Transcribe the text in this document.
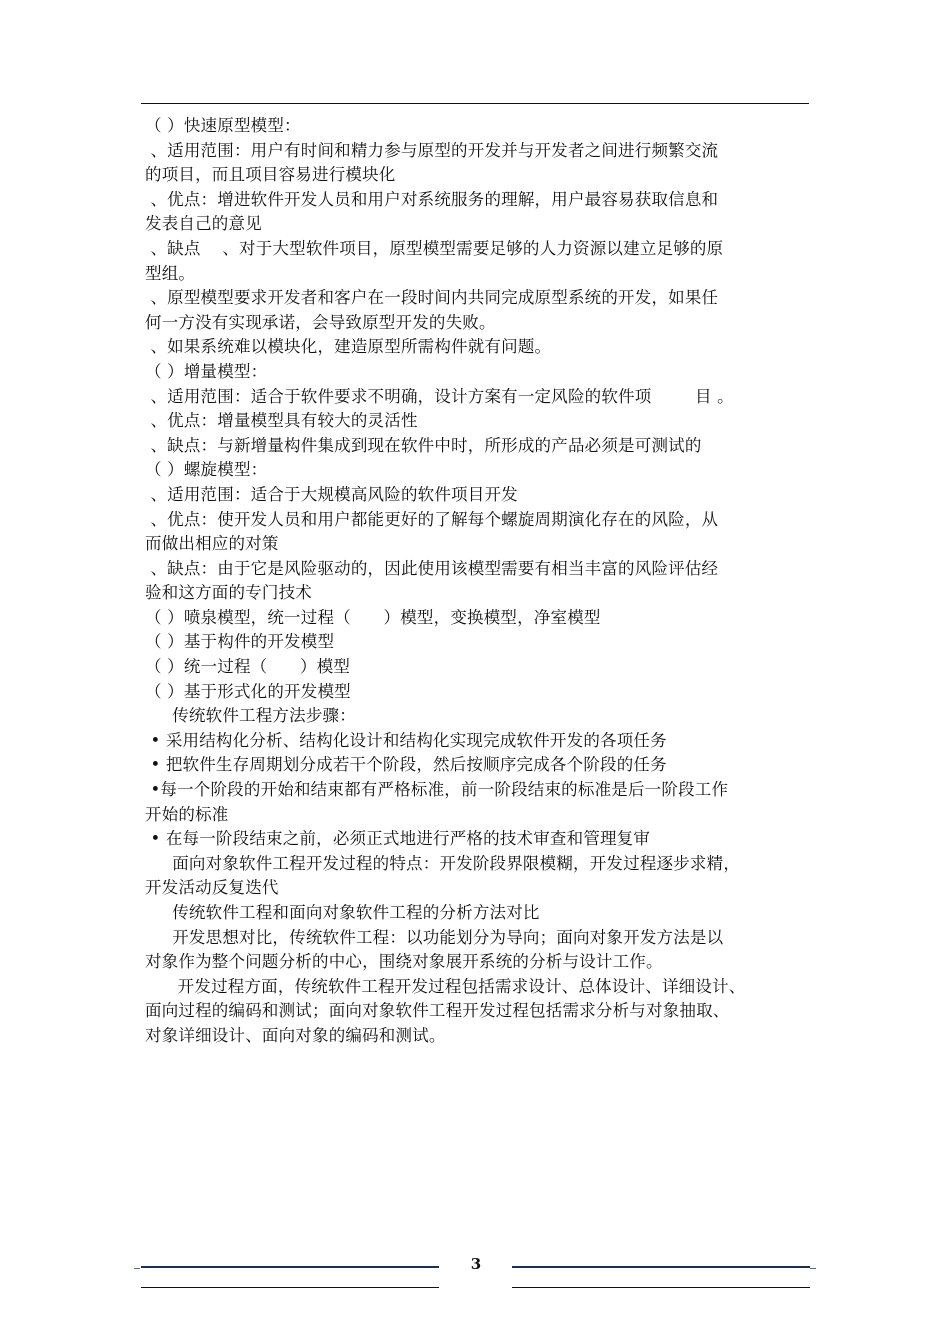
（ ）快速原型模型：
、适用范围：用户有时间和精力参与原型的开发并与开发者之间进行频繁交流
的项目，而且项目容易进行模块化
、优点：增进软件开发人员和用户对系统服务的理解，用户最容易获取信息和
发表自己的意见
、缺点    、对于大型软件项目，原型模型需要足够的人力资源以建立足够的原
型组。
、原型模型要求开发者和客户在一段时间内共同完成原型系统的开发，如果任
何一方没有实现承诺，会导致原型开发的失败。
、如果系统难以模块化，建造原型所需构件就有问题。
（ ）增量模型：
、适用范围：适合于软件要求不明确，设计方案有一定风险的软件项        目 。
、优点：增量模型具有较大的灵活性
、缺点：与新增量构件集成到现在软件中时，所形成的产品必须是可测试的
（ ）螺旋模型：
、适用范围：适合于大规模高风险的软件项目开发
、优点：使开发人员和用户都能更好的了解每个螺旋周期演化存在的风险，从
而做出相应的对策
、缺点：由于它是风险驱动的，因此使用该模型需要有相当丰富的风险评估经
验和这方面的专门技术
（ ）喷泉模型，统一过程（      ）模型，变换模型，净室模型
（ ）基于构件的开发模型
（ ）统一过程（      ）模型
（ ）基于形式化的开发模型
传统软件工程方法步骤：
• 采用结构化分析、结构化设计和结构化实现完成软件开发的各项任务
• 把软件生存周期划分成若干个阶段，然后按顺序完成各个阶段的任务
•每一个阶段的开始和结束都有严格标准，前一阶段结束的标准是后一阶段工作
开始的标准
• 在每一阶段结束之前，必须正式地进行严格的技术审查和管理复审
面向对象软件工程开发过程的特点：开发阶段界限模糊，开发过程逐步求精，
开发活动反复迭代
传统软件工程和面向对象软件工程的分析方法对比
开发思想对比，传统软件工程：以功能划分为导向；面向对象开发方法是以
对象作为整个问题分析的中心，围绕对象展开系统的分析与设计工作。
开发过程方面，传统软件工程开发过程包括需求设计、总体设计、详细设计、
面向过程的编码和测试；面向对象软件工程开发过程包括需求分析与对象抽取、
对象详细设计、面向对象的编码和测试。
3
